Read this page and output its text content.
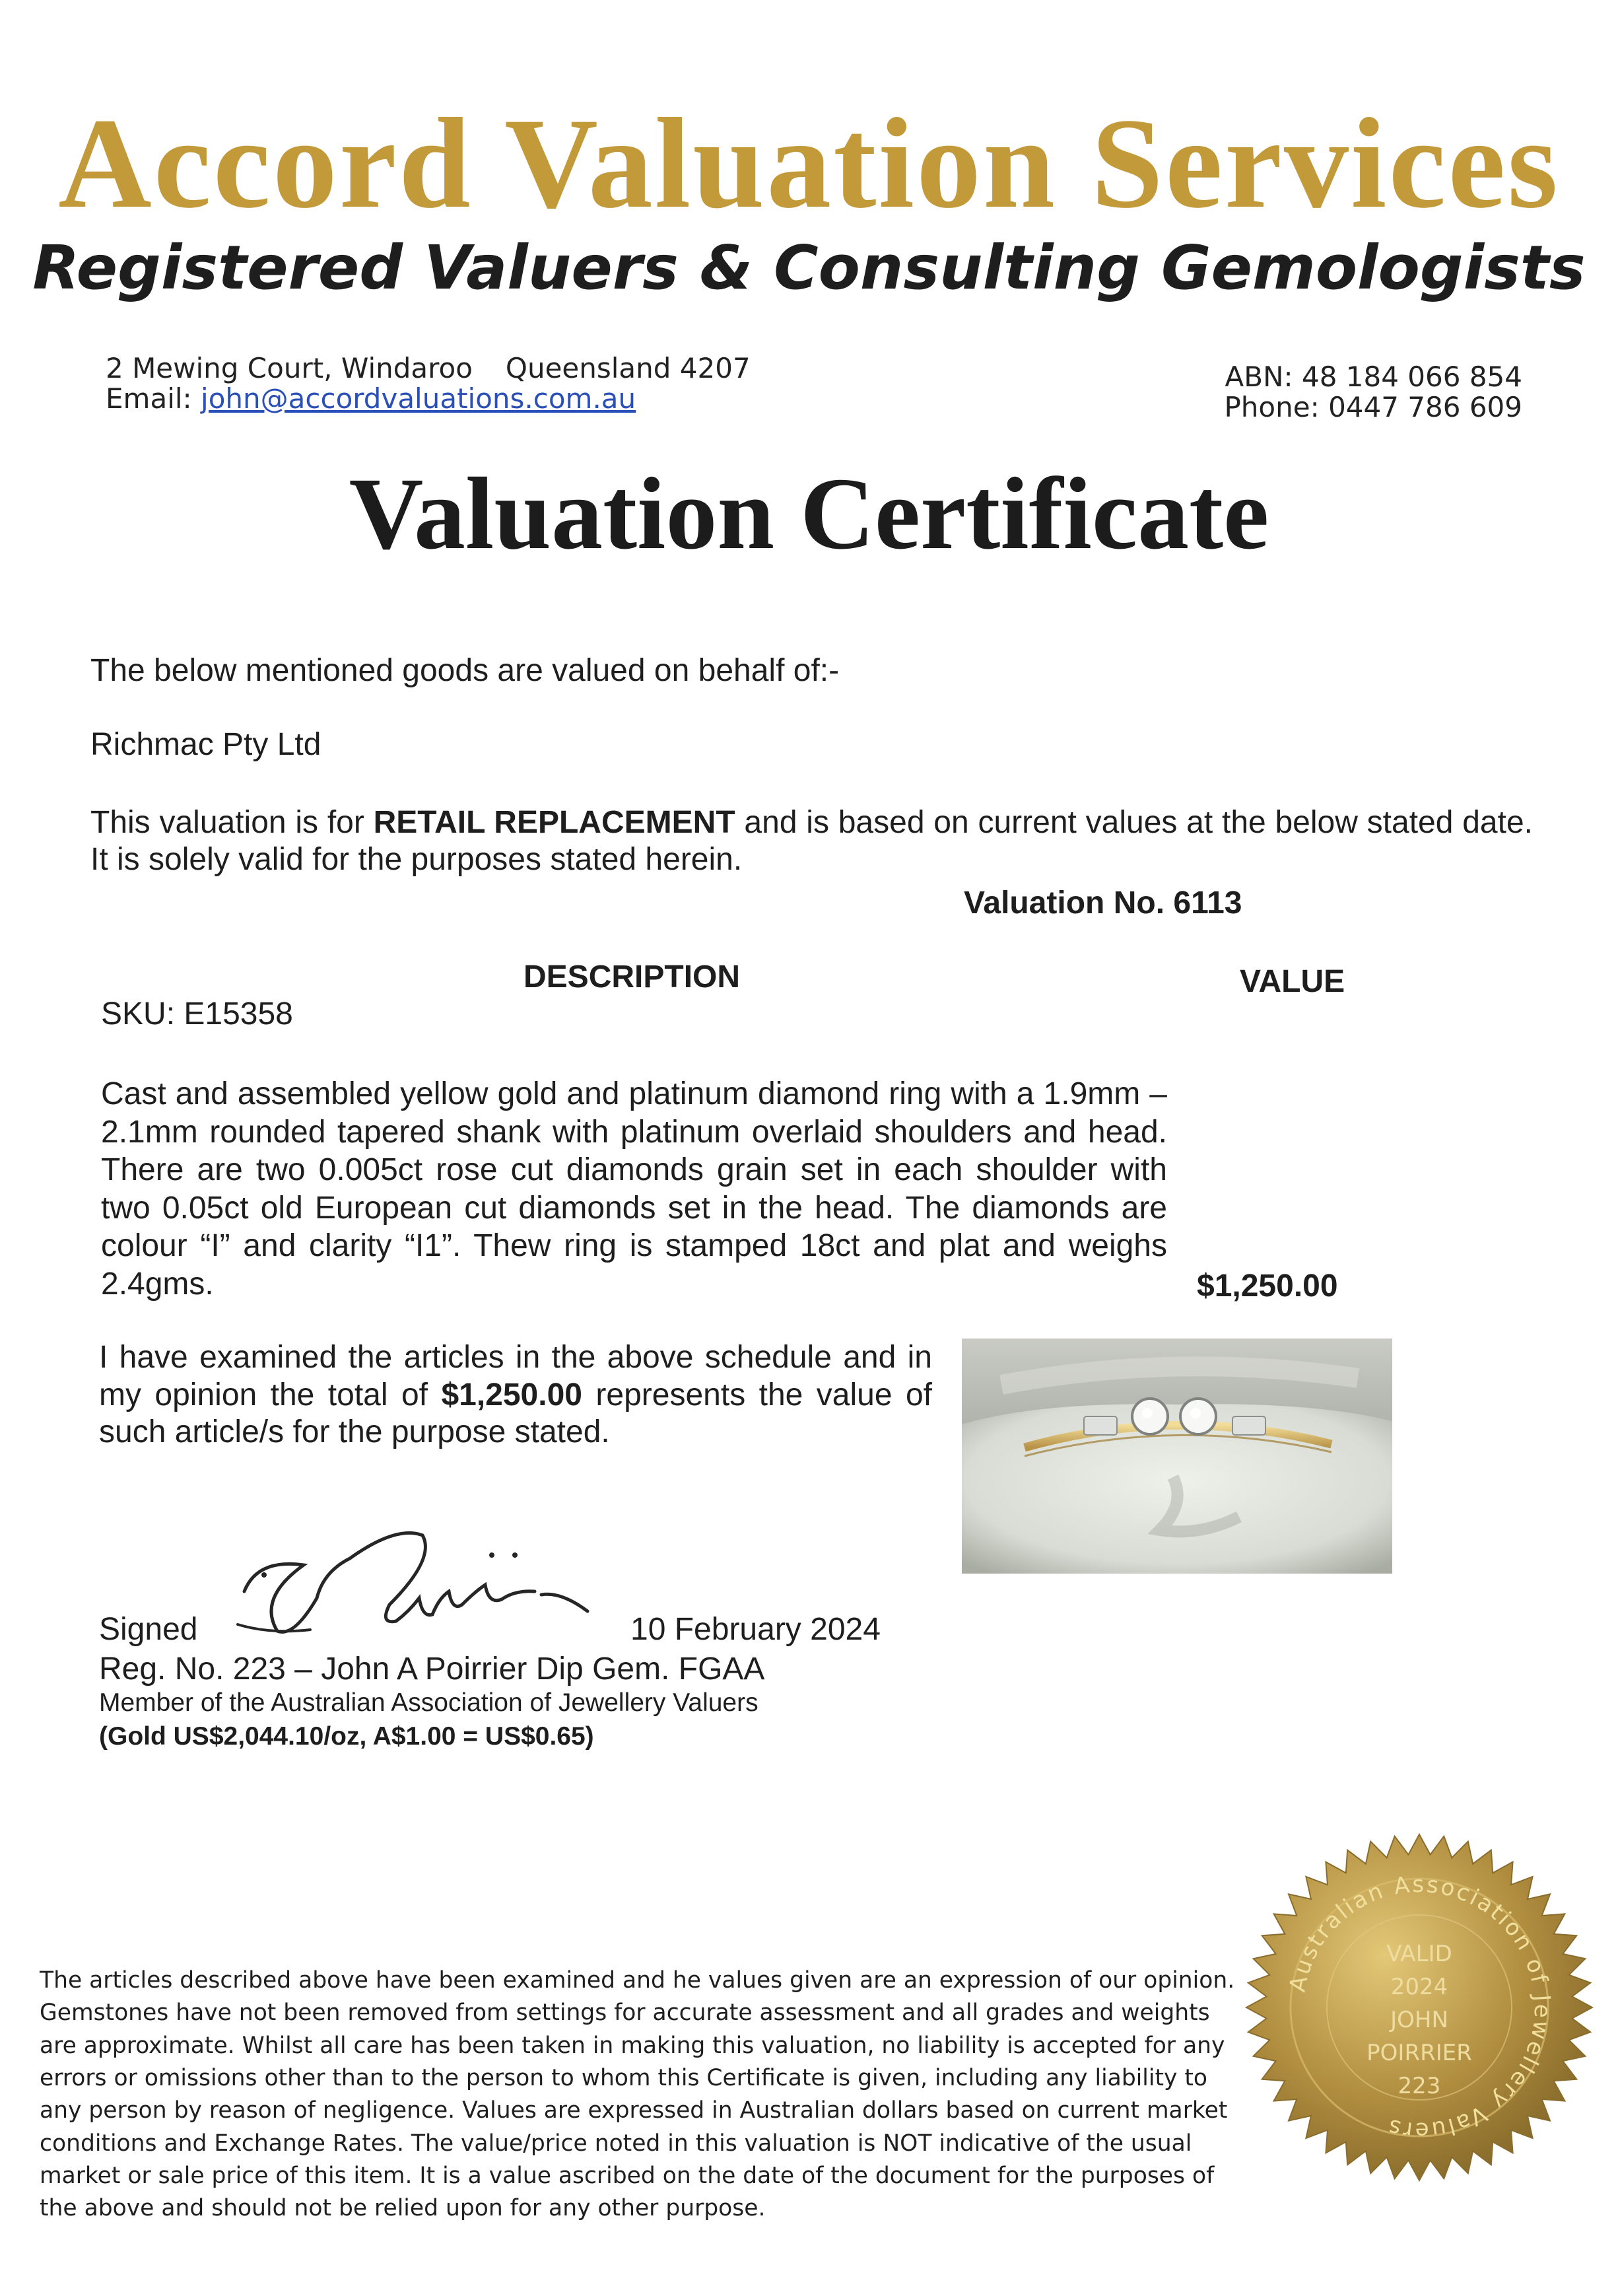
Accord Valuation Services
Registered Valuers & Consulting Gemologists
2 Mewing Court, Windaroo Queensland 4207
Email: john@accordvaluations.com.au
ABN: 48 184 066 854
Phone: 0447 786 609
Valuation Certificate
The below mentioned goods are valued on behalf of:-
Richmac Pty Ltd
This valuation is for RETAIL REPLACEMENT and is based on current values at the below stated date. It is solely valid for the purposes stated herein.
Valuation No. 6113
DESCRIPTION	VALUE
SKU: E15358
Cast and assembled yellow gold and platinum diamond ring with a 1.9mm – 2.1mm rounded tapered shank with platinum overlaid shoulders and head. There are two 0.005ct rose cut diamonds grain set in each shoulder with two 0.05ct old European cut diamonds set in the head. The diamonds are colour “I” and clarity “I1”. Thew ring is stamped 18ct and plat and weighs 2.4gms.	$1,250.00
I have examined the articles in the above schedule and in my opinion the total of $1,250.00 represents the value of such article/s for the purpose stated.
Signed	10 February 2024
Reg. No. 223 – John A Poirrier Dip Gem. FGAA
Member of the Australian Association of Jewellery Valuers
(Gold US$2,044.10/oz, A$1.00 = US$0.65)
Australian Association of Jewellery Valuers
VALID
2024
JOHN
POIRRIER
223
The articles described above have been examined and he values given are an expression of our opinion.
Gemstones have not been removed from settings for accurate assessment and all grades and weights
are approximate. Whilst all care has been taken in making this valuation, no liability is accepted for any
errors or omissions other than to the person to whom this Certificate is given, including any liability to
any person by reason of negligence. Values are expressed in Australian dollars based on current market
conditions and Exchange Rates. The value/price noted in this valuation is NOT indicative of the usual
market or sale price of this item. It is a value ascribed on the date of the document for the purposes of
the above and should not be relied upon for any other purpose.
